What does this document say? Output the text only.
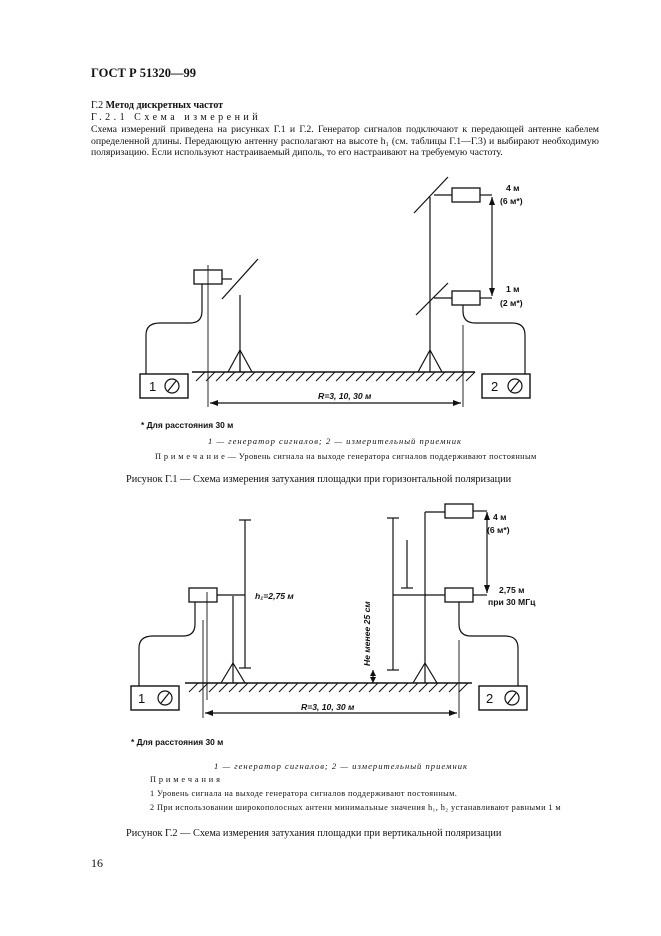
ГОСТ Р 51320—99
Г.2 Метод дискретных частот
Г.2.1 Схема измерений

Схема измерений приведена на рисунках Г.1 и Г.2. Генератор сигналов подключают к передающей антенне кабелем определенной длины. Передающую антенну располагают на высоте h₁ (см. таблицы Г.1—Г.3) и выбирают необходимую поляризацию. Если используют настраиваемый диполь, то его настраивают на требуемую частоту.

1	2
4 м
(6 м*)
1 м
(2 м*)
R=3, 10, 30 м
* Для расстояния 30 м
1 — генератор сигналов; 2 — измерительный приемник
П р и м е ч а н и е — Уровень сигнала на выходе генератора сигналов поддерживают постоянным
Рисунок Г.1 — Схема измерения затухания площадки при горизонтальной поляризации
1	2
h₁=2,75 м
Не менее 25 см
4 м
(6 м*)
2,75 м
при 30 МГц
R=3, 10, 30 м
* Для расстояния 30 м
1 — генератор сигналов; 2 — измерительный приемник
П р и м е ч а н и я
1 Уровень сигнала на выходе генератора сигналов поддерживают постоянным.
2 При использовании широкополосных антенн минимальные значения h₁, h₂ устанавливают равными 1 м
Рисунок Г.2 — Схема измерения затухания площадки при вертикальной поляризации
16
